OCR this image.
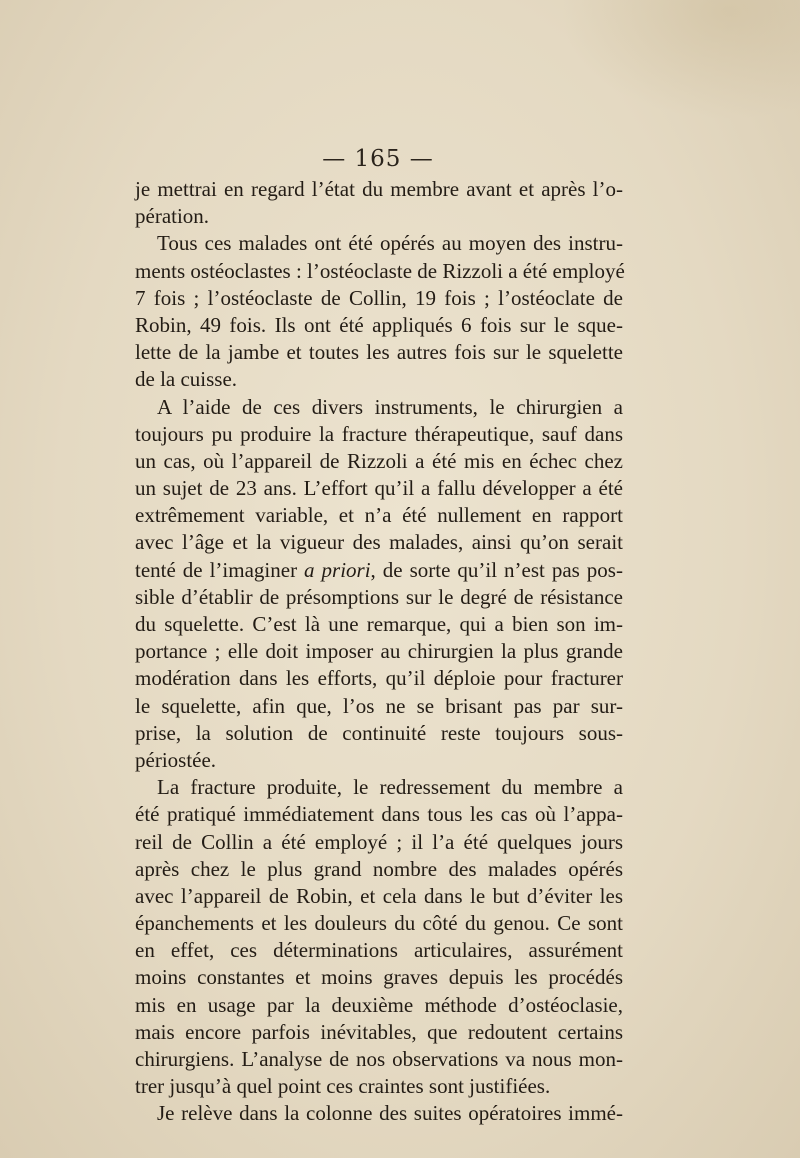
— 165 —
je mettrai en regard l’état du membre avant et après l’o-
pération.
Tous ces malades ont été opérés au moyen des instru-
ments ostéoclastes : l’ostéoclaste de Rizzoli a été employé
7 fois ; l’ostéoclaste de Collin, 19 fois ; l’ostéoclate de
Robin, 49 fois. Ils ont été appliqués 6 fois sur le sque-
lette de la jambe et toutes les autres fois sur le squelette
de la cuisse.
A l’aide de ces divers instruments, le chirurgien a
toujours pu produire la fracture thérapeutique, sauf dans
un cas, où l’appareil de Rizzoli a été mis en échec chez
un sujet de 23 ans. L’effort qu’il a fallu développer a été
extrêmement variable, et n’a été nullement en rapport
avec l’âge et la vigueur des malades, ainsi qu’on serait
tenté de l’imaginer a priori, de sorte qu’il n’est pas pos-
sible d’établir de présomptions sur le degré de résistance
du squelette. C’est là une remarque, qui a bien son im-
portance ; elle doit imposer au chirurgien la plus grande
modération dans les efforts, qu’il déploie pour fracturer
le squelette, afin que, l’os ne se brisant pas par sur-
prise, la solution de continuité reste toujours sous-
périostée.
La fracture produite, le redressement du membre a
été pratiqué immédiatement dans tous les cas où l’appa-
reil de Collin a été employé ; il l’a été quelques jours
après chez le plus grand nombre des malades opérés
avec l’appareil de Robin, et cela dans le but d’éviter les
épanchements et les douleurs du côté du genou. Ce sont
en effet, ces déterminations articulaires, assurément
moins constantes et moins graves depuis les procédés
mis en usage par la deuxième méthode d’ostéoclasie,
mais encore parfois inévitables, que redoutent certains
chirurgiens. L’analyse de nos observations va nous mon-
trer jusqu’à quel point ces craintes sont justifiées.
Je relève dans la colonne des suites opératoires immé-
